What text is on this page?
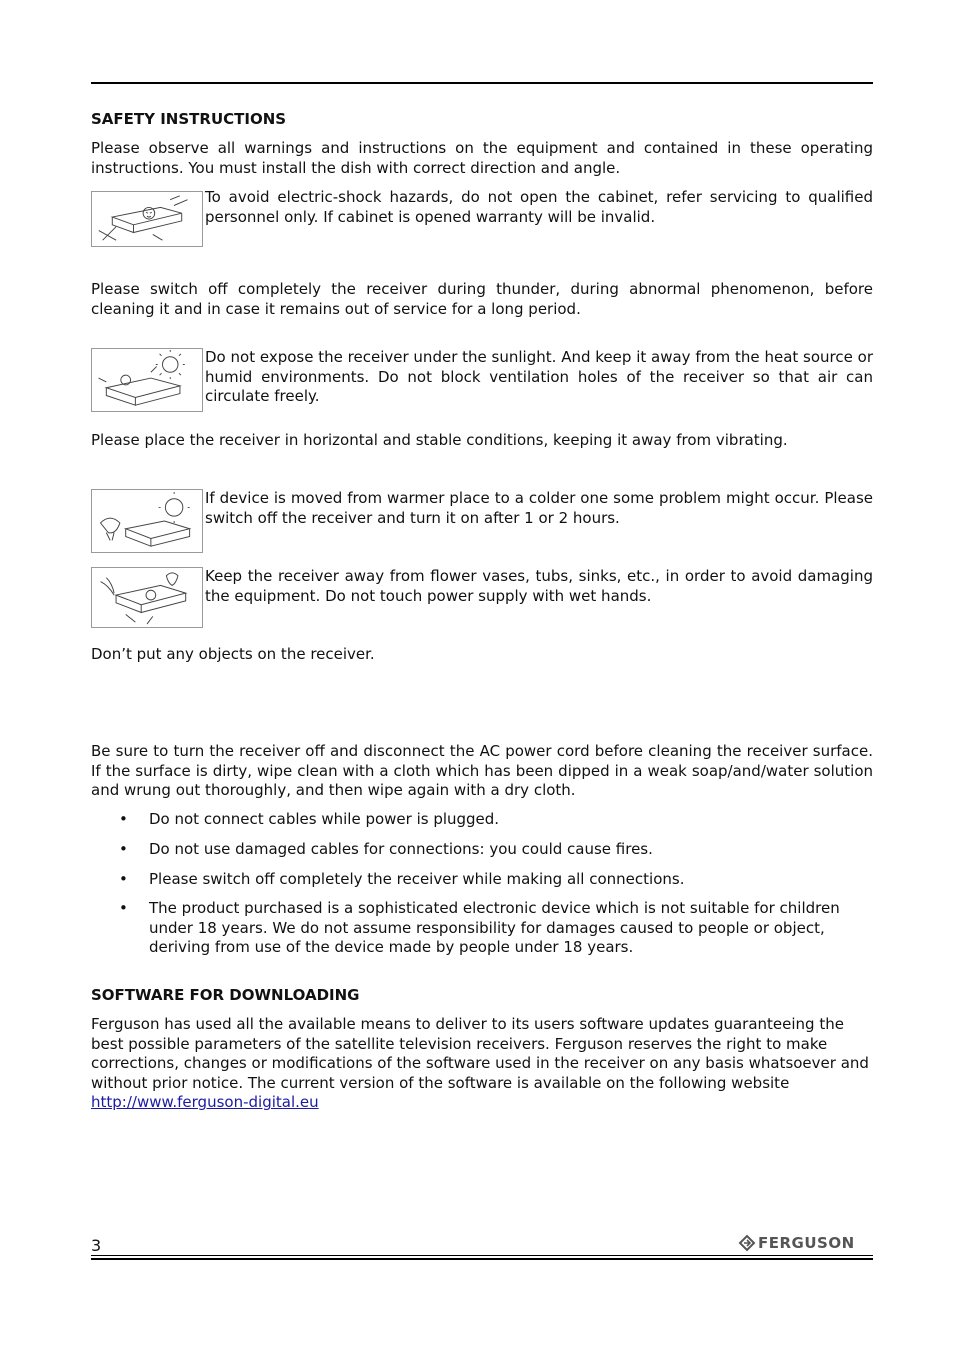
SAFETY INSTRUCTIONS

Please observe all warnings and instructions on the equipment and contained in these operating instructions. You must install the dish with correct direction and angle.

To avoid electric-shock hazards, do not open the cabinet, refer servicing to qualified personnel only. If cabinet is opened warranty will be invalid.

Please switch off completely the receiver during thunder, during abnormal phenomenon, before cleaning it and in case it remains out of service for a long period.

Do not expose the receiver under the sunlight. And keep it away from the heat source or humid environments. Do not block ventilation holes of the receiver so that air can circulate freely.

Please place the receiver in horizontal and stable conditions, keeping it away from vibrating.

If device is moved from warmer place to a colder one some problem might occur. Please switch off the receiver and turn it on after 1 or 2 hours.

Keep the receiver away from flower vases, tubs, sinks, etc., in order to avoid damaging the equipment. Do not touch power supply with wet hands.

Don’t put any objects on the receiver.

Be sure to turn the receiver off and disconnect the AC power cord before cleaning the receiver surface. If the surface is dirty, wipe clean with a cloth which has been dipped in a weak soap/and/water solution and wrung out thoroughly, and then wipe again with a dry cloth.

• Do not connect cables while power is plugged.
• Do not use damaged cables for connections: you could cause fires.
• Please switch off completely the receiver while making all connections.
• The product purchased is a sophisticated electronic device which is not suitable for children under 18 years. We do not assume responsibility for damages caused to people or object, deriving from use of the device made by people under 18 years.

SOFTWARE FOR DOWNLOADING

Ferguson has used all the available means to deliver to its users software updates guaranteeing the best possible parameters of the satellite television receivers. Ferguson reserves the right to make corrections, changes or modifications of the software used in the receiver on any basis whatsoever and without prior notice. The current version of the software is available on the following website http://www.ferguson-digital.eu

3	FERGUSON
